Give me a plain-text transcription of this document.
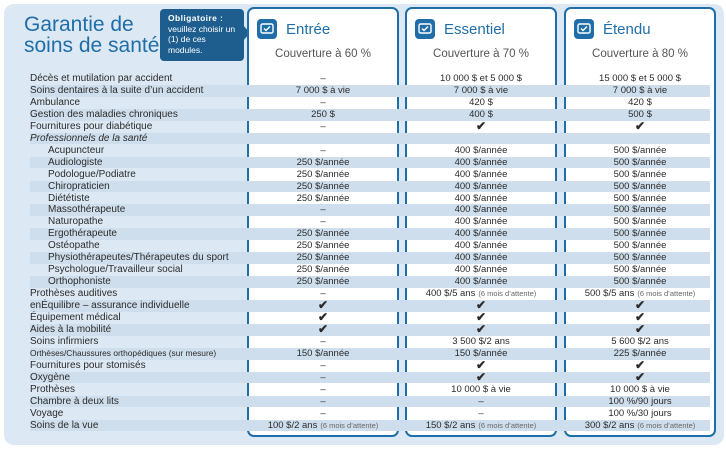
Garantie de
soins de santé
Obligatoire :
veuillez choisir un (1) de ces modules.
Entrée	Essentiel	Étendu
Couverture à 60 %	Couverture à 70 %	Couverture à 80 %
Décès et mutilation par accident	–	10 000 $ et 5 000 $	15 000 $ et 5 000 $
Soins dentaires à la suite d’un accident	7 000 $ à vie	7 000 $ à vie	7 000 $ à vie
Ambulance	–	420 $	420 $
Gestion des maladies chroniques	250 $	400 $	500 $
Fournitures pour diabétique	–	✔	✔
Professionnels de la santé
Acupuncteur	–	400 $/année	500 $/année
Audiologiste	250 $/année	400 $/année	500 $/année
Podologue/Podiatre	250 $/année	400 $/année	500 $/année
Chiropraticien	250 $/année	400 $/année	500 $/année
Diététiste	250 $/année	400 $/année	500 $/année
Massothérapeute	–	400 $/année	500 $/année
Naturopathe	–	400 $/année	500 $/année
Ergothérapeute	250 $/année	400 $/année	500 $/année
Ostéopathe	250 $/année	400 $/année	500 $/année
Physiothérapeutes/Thérapeutes du sport	250 $/année	400 $/année	500 $/année
Psychologue/Travailleur social	250 $/année	400 $/année	500 $/année
Orthophoniste	250 $/année	400 $/année	500 $/année
Prothèses auditives	–	400 $/5 ans (6 mois d’attente)	500 $/5 ans (6 mois d’attente)
enÉquilibre – assurance individuelle	✔	✔	✔
Équipement médical	✔	✔	✔
Aides à la mobilité	✔	✔	✔
Soins infirmiers	–	3 500 $/2 ans	5 600 $/2 ans
Orthèses/Chaussures orthopédiques (sur mesure)	150 $/année	150 $/année	225 $/année
Fournitures pour stomisés	–	✔	✔
Oxygène	–	✔	✔
Prothèses	–	10 000 $ à vie	10 000 $ à vie
Chambre à deux lits	–	–	100 %/90 jours
Voyage	–	–	100 %/30 jours
Soins de la vue	100 $/2 ans (6 mois d’attente)	150 $/2 ans (6 mois d’attente)	300 $/2 ans (6 mois d’attente)
